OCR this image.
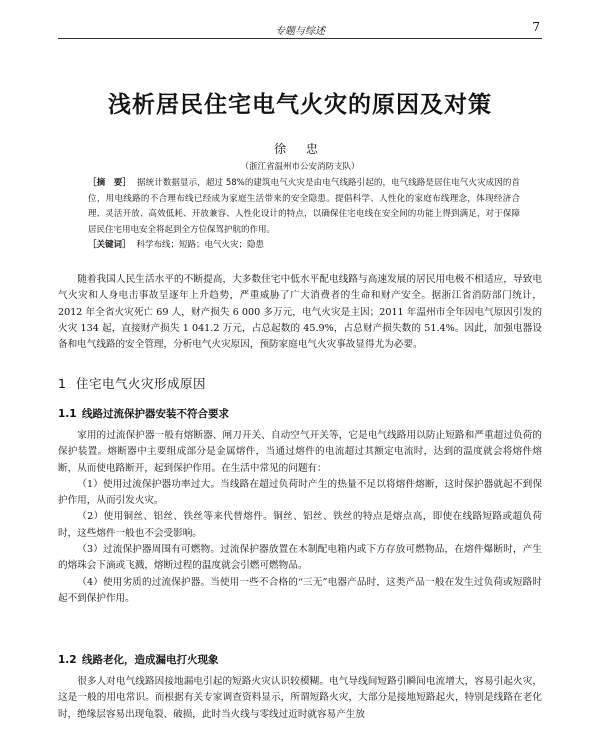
专题与综述	7
浅析居民住宅电气火灾的原因及对策
徐 忠
（浙江省温州市公安消防支队）

［摘　要］ 据统计数据显示，超过 58%的建筑电气火灾是由电气线路引起的，电气线路是居住电气火灾成因的首位，用电线路的不合理布线已经成为家庭生活带来的安全隐患。提倡科学、人性化的家庭布线理念，体现经济合理、灵活开放、高效低耗、开放兼容、人性化设计的特点，以确保住宅电线在安全间的功能上得到满足，对于保障居民住宅用电安全将起到全方位保驾护航的作用。

［关键词］ 科学布线；短路；电气火灾；隐患

随着我国人民生活水平的不断提高，大多数住宅中低水平配电线路与高速发展的居民用电极不相适应，导致电气火灾和人身电击事故呈逐年上升趋势，严重威胁了广大消费者的生命和财产安全。据浙江省消防部门统计，2012 年全省火灾死亡 69 人，财产损失 6 000 多万元，电气火灾是主因；2011 年温州市全年因电气原因引发的火灾 134 起，直接财产损失 1 041.2 万元，占总起数的 45.9%，占总财产损失数的 51.4%。因此，加强电器设备和电气线路的安全管理，分析电气火灾原因，预防家庭电气火灾事故显得尤为必要。

1 住宅电气火灾形成原因
1.1 线路过流保护器安装不符合要求

家用的过流保护器一般有熔断器、闸刀开关、自动空气开关等，它是电气线路用以防止短路和严重超过负荷的保护装置。熔断器中主要组成部分是金属熔件，当通过熔件的电流超过其额定电流时，达到的温度就会将熔件熔断，从而使电路断开，起到保护作用。在生活中常见的问题有：

（1）使用过流保护器功率过大。当线路在超过负荷时产生的热量不足以将熔件熔断，这时保护器就起不到保护作用，从而引发火灾。

（2）使用铜丝、铝丝、铁丝等来代替熔件。铜丝、铝丝、铁丝的特点是熔点高，即使在线路短路或超负荷时，这些熔件一般也不会受影响。

（3）过流保护器周围有可燃物。过流保护器放置在木制配电箱内或下方存放可燃物品，在熔件爆断时，产生的熔珠会下滴或飞溅，熔断过程的温度就会引燃可燃物品。

（4）使用劣质的过流保护器。当使用一些不合格的“三无”电器产品时，这类产品一般在发生过负荷或短路时起不到保护作用。

1.2 线路老化，造成漏电打火现象

很多人对电气线路因接地漏电引起的短路火灾认识较模糊。电气导线间短路引瞬间电流增大，容易引起火灾，这是一般的用电常识。而根据有关专家调查资料显示，所谓短路火灾，大部分是接地短路起火，特别是线路在老化时，绝缘层容易出现龟裂、破损，此时当火线与零线过近时就容易产生放
